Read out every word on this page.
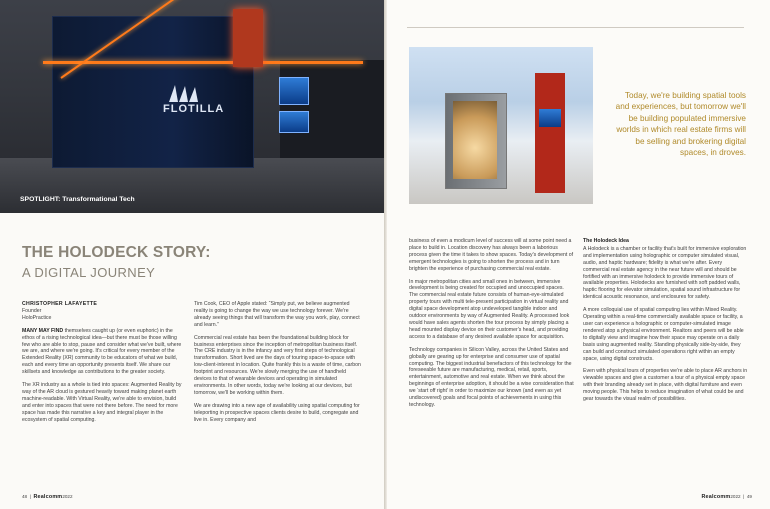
FLOTILLA
SPOTLIGHT: Transformational Tech
THE HOLODECK STORY:
A DIGITAL JOURNEY

CHRISTOPHER LAFAYETTE
Founder
HoloPractice

MANY MAY FIND themselves caught up (or even euphoric) in the ethos of a rising technological idea—but there must be those willing few who are able to stop, pause and consider what we've built, where we are, and where we're going. It's critical for every member of the Extended Reality (XR) community to be educators of what we build, each and every time an opportunity presents itself. We share our skillsets and knowledge as contributions to the greater society.

The XR industry as a whole is tied into spaces: Augmented Reality by way of the AR cloud is gestured heavily toward making planet earth machine-readable. With Virtual Reality, we're able to envision, build and enter into spaces that were not there before. The need for more space has made this narrative a key and integral player in the ecosystem of spatial computing.

Tim Cook, CEO of Apple stated: “Simply put, we believe augmented reality is going to change the way we use technology forever. We're already seeing things that will transform the way you work, play, connect and learn.”

Commercial real estate has been the foundational building block for business enterprises since the inception of metropolitan business itself. The CRE industry is in the infancy and very first steps of technological transformation. Short lived are the days of touring space-to-space with low-client-interest in location. Quite frankly this is a waste of time, carbon footprint and resources. We're slowly merging the use of handheld devices to that of wearable devices and operating in simulated environments. In other words, today we're looking at our devices, but tomorrow, we'll be working within them.

We are drawing into a new age of availability using spatial computing for teleporting in prospective spaces clients desire to build, congregate and live in. Every company and

48  |  Realcomm2022
Today, we're building spatial tools and experiences, but tomorrow we'll be building populated immersive worlds in which real estate firms will be selling and brokering digital spaces, in droves.

business of even a modicum level of success will at some point need a place to build in. Location discovery has always been a laborious process given the time it takes to show spaces. Today's development of emergent technologies is going to shorten the process and in turn brighten the experience of purchasing commercial real estate.

In major metropolitan cities and small ones in between, immersive development is being created for occupied and unoccupied spaces. The commercial real estate future consists of human-eye-simulated property tours with multi tele-present participation in virtual reality and digital space development atop undeveloped tangible indoor and outdoor environments by way of Augmented Reality. A processed look would have sales agents shorten the tour process by simply placing a head mounted display device on their customer's head, and providing access to a database of any desired available space for acquisition.

Technology companies in Silicon Valley, across the United States and globally are gearing up for enterprise and consumer use of spatial computing. The biggest industrial benefactors of this technology for the foreseeable future are manufacturing, medical, retail, sports, entertainment, automotive and real estate. When we think about the beginnings of enterprise adoption, it should be a wise consideration that we ‘start off right’ in order to maximize our known (and even as yet undiscovered) goals and focal points of achievements in using this technology.

The Holodeck Idea

A Holodeck is a chamber or facility that's built for immersive exploration and implementation using holographic or computer simulated visual, audio, and haptic hardware; fidelity is what we're after. Every commercial real estate agency in the near future will and should be fortified with an immersive holodeck to provide immersive tours of available properties. Holodecks are furnished with soft padded walls, haptic flooring for elevator simulation, spatial sound infrastructure for identical acoustic resonance, and enclosures for safety.

A more colloquial use of spatial computing lies within Mixed Reality. Operating within a real-time commercially available space or facility, a user can experience a holographic or computer-simulated image rendered atop a physical environment. Realtors and peers will be able to digitally view and imagine how their space may operate on a daily basis using augmented reality. Standing physically side-by-side, they can build and construct simulated operations right within an empty space, using digital constructs.

Even with physical tours of properties we're able to place AR anchors in viewable spaces and give a customer a tour of a physical empty space with their branding already set in place, with digital furniture and even moving people. This helps to reduce imagination of what could be and gear towards the visual realm of possibilities.

Realcomm2022  |  49
